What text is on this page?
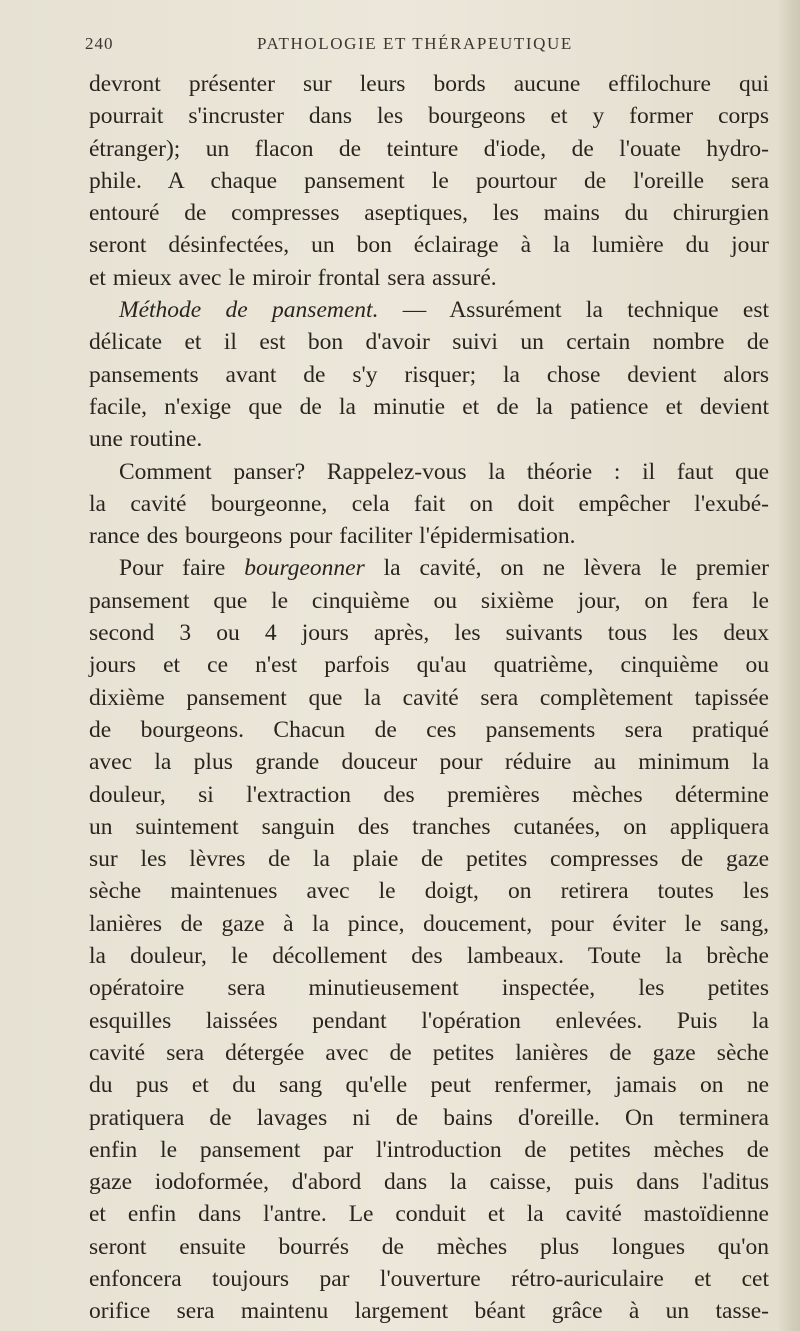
240	PATHOLOGIE ET THÉRAPEUTIQUE
devront présenter sur leurs bords aucune effilochure qui
pourrait s'incruster dans les bourgeons et y former corps
étranger); un flacon de teinture d'iode, de l'ouate hydro-
phile. A chaque pansement le pourtour de l'oreille sera
entouré de compresses aseptiques, les mains du chirurgien
seront désinfectées, un bon éclairage à la lumière du jour
et mieux avec le miroir frontal sera assuré.
Méthode de pansement. — Assurément la technique est
délicate et il est bon d'avoir suivi un certain nombre de
pansements avant de s'y risquer; la chose devient alors
facile, n'exige que de la minutie et de la patience et devient
une routine.
Comment panser? Rappelez-vous la théorie : il faut que
la cavité bourgeonne, cela fait on doit empêcher l'exubé-
rance des bourgeons pour faciliter l'épidermisation.
Pour faire bourgeonner la cavité, on ne lèvera le premier
pansement que le cinquième ou sixième jour, on fera le
second 3 ou 4 jours après, les suivants tous les deux
jours et ce n'est parfois qu'au quatrième, cinquième ou
dixième pansement que la cavité sera complètement tapissée
de bourgeons. Chacun de ces pansements sera pratiqué
avec la plus grande douceur pour réduire au minimum la
douleur, si l'extraction des premières mèches détermine
un suintement sanguin des tranches cutanées, on appliquera
sur les lèvres de la plaie de petites compresses de gaze
sèche maintenues avec le doigt, on retirera toutes les
lanières de gaze à la pince, doucement, pour éviter le sang,
la douleur, le décollement des lambeaux. Toute la brèche
opératoire sera minutieusement inspectée, les petites
esquilles laissées pendant l'opération enlevées. Puis la
cavité sera détergée avec de petites lanières de gaze sèche
du pus et du sang qu'elle peut renfermer, jamais on ne
pratiquera de lavages ni de bains d'oreille. On terminera
enfin le pansement par l'introduction de petites mèches de
gaze iodoformée, d'abord dans la caisse, puis dans l'aditus
et enfin dans l'antre. Le conduit et la cavité mastoïdienne
seront ensuite bourrés de mèches plus longues qu'on
enfoncera toujours par l'ouverture rétro-auriculaire et cet
orifice sera maintenu largement béant grâce à un tasse-
